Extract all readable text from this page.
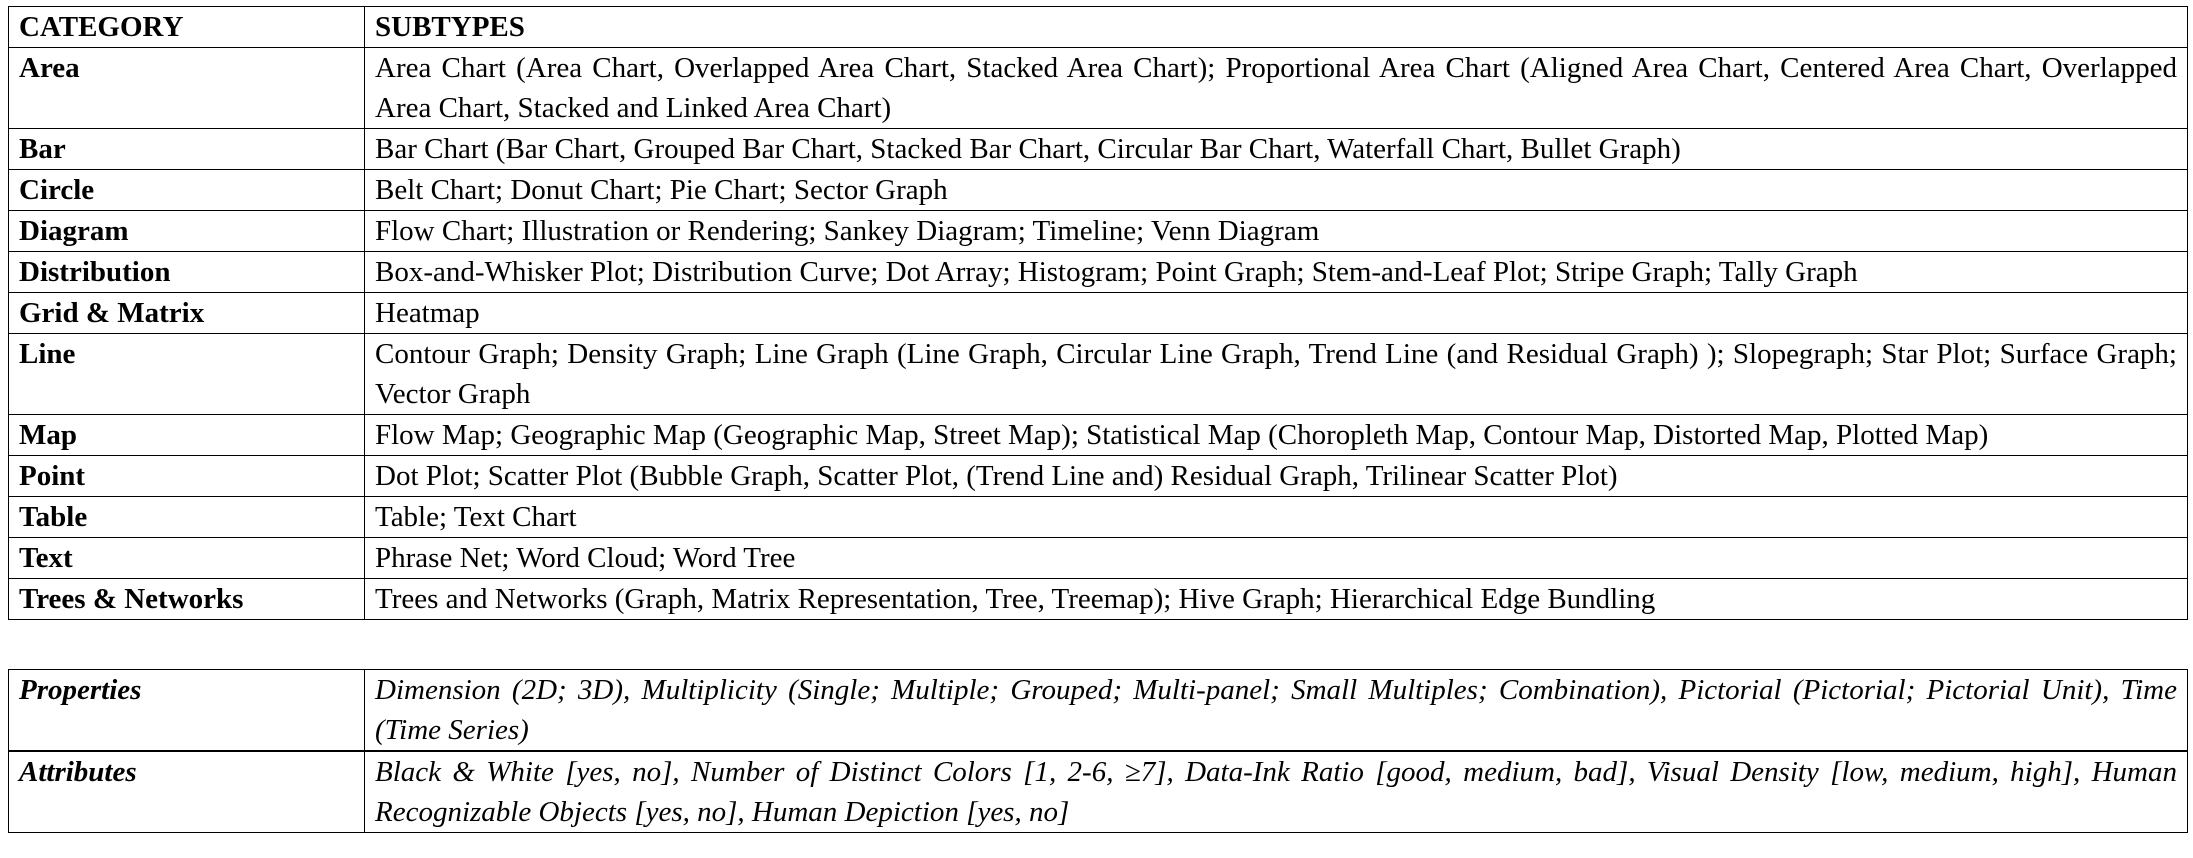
CATEGORY	SUBTYPES
Area	Area Chart (Area Chart, Overlapped Area Chart, Stacked Area Chart); Proportional Area Chart (Aligned Area Chart, Centered Area Chart, Overlapped Area Chart, Stacked and Linked Area Chart)
Bar	Bar Chart (Bar Chart, Grouped Bar Chart, Stacked Bar Chart, Circular Bar Chart, Waterfall Chart, Bullet Graph)
Circle	Belt Chart; Donut Chart; Pie Chart; Sector Graph
Diagram	Flow Chart; Illustration or Rendering; Sankey Diagram; Timeline; Venn Diagram
Distribution	Box-and-Whisker Plot; Distribution Curve; Dot Array; Histogram; Point Graph; Stem-and-Leaf Plot; Stripe Graph; Tally Graph
Grid & Matrix	Heatmap
Line	Contour Graph; Density Graph; Line Graph (Line Graph, Circular Line Graph, Trend Line (and Residual Graph) ); Slopegraph; Star Plot; Surface Graph; Vector Graph
Map	Flow Map; Geographic Map (Geographic Map, Street Map); Statistical Map (Choropleth Map, Contour Map, Distorted Map, Plotted Map)
Point	Dot Plot; Scatter Plot (Bubble Graph, Scatter Plot, (Trend Line and) Residual Graph, Trilinear Scatter Plot)
Table	Table; Text Chart
Text	Phrase Net; Word Cloud; Word Tree
Trees & Networks	Trees and Networks (Graph, Matrix Representation, Tree, Treemap); Hive Graph; Hierarchical Edge Bundling
Properties	Dimension (2D; 3D), Multiplicity (Single; Multiple; Grouped; Multi-panel; Small Multiples; Combination), Pictorial (Pictorial; Pictorial Unit), Time (Time Series)
Attributes	Black & White [yes, no], Number of Distinct Colors [1, 2-6, ≥7], Data-Ink Ratio [good, medium, bad], Visual Density [low, medium, high], Human Recognizable Objects [yes, no], Human Depiction [yes, no]
